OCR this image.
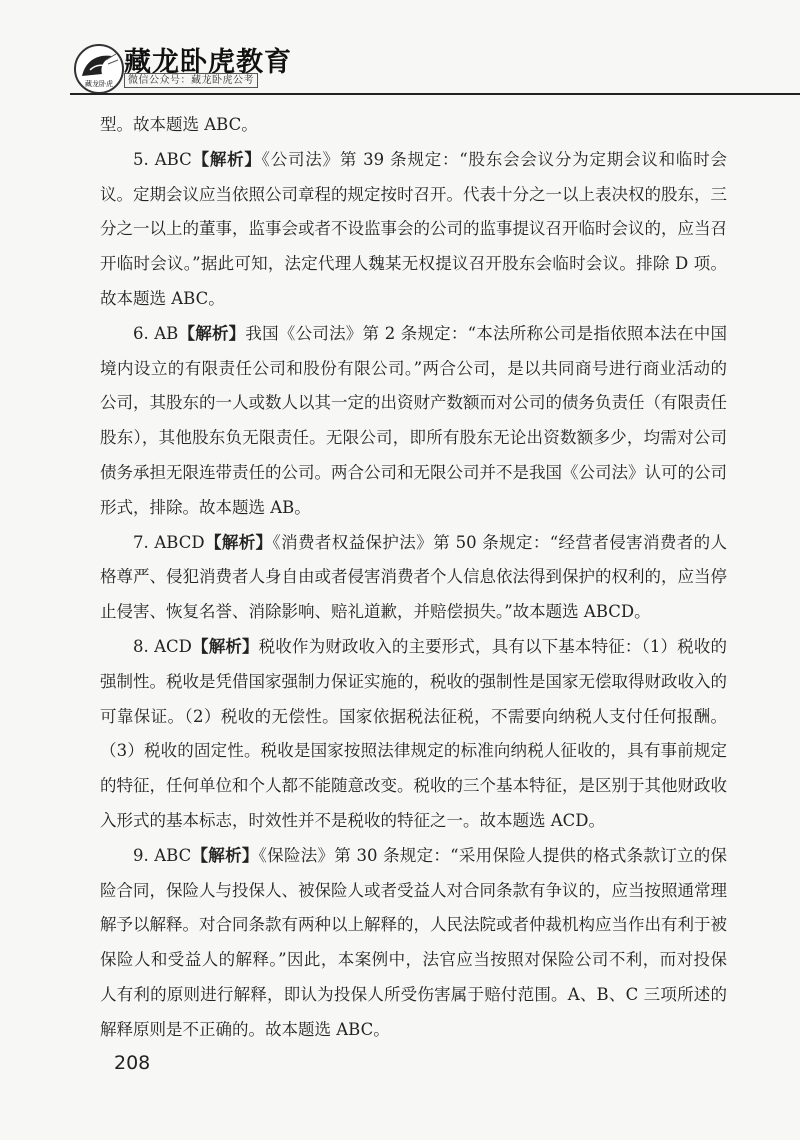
藏龙卧虎
藏龙卧虎教育
微信公众号：藏龙卧虎公考

型。故本题选 ABC。

5. ABC【解析】《公司法》第 39 条规定：“股东会会议分为定期会议和临时会议。定期会议应当依照公司章程的规定按时召开。代表十分之一以上表决权的股东，三分之一以上的董事，监事会或者不设监事会的公司的监事提议召开临时会议的，应当召开临时会议。”据此可知，法定代理人魏某无权提议召开股东会临时会议。排除 D 项。故本题选 ABC。

6. AB【解析】我国《公司法》第 2 条规定：“本法所称公司是指依照本法在中国境内设立的有限责任公司和股份有限公司。”两合公司，是以共同商号进行商业活动的公司，其股东的一人或数人以其一定的出资财产数额而对公司的债务负责任（有限责任股东），其他股东负无限责任。无限公司，即所有股东无论出资数额多少，均需对公司债务承担无限连带责任的公司。两合公司和无限公司并不是我国《公司法》认可的公司形式，排除。故本题选 AB。

7. ABCD【解析】《消费者权益保护法》第 50 条规定：“经营者侵害消费者的人格尊严、侵犯消费者人身自由或者侵害消费者个人信息依法得到保护的权利的，应当停止侵害、恢复名誉、消除影响、赔礼道歉，并赔偿损失。”故本题选 ABCD。

8. ACD【解析】税收作为财政收入的主要形式，具有以下基本特征：（1）税收的强制性。税收是凭借国家强制力保证实施的，税收的强制性是国家无偿取得财政收入的可靠保证。（2）税收的无偿性。国家依据税法征税，不需要向纳税人支付任何报酬。（3）税收的固定性。税收是国家按照法律规定的标准向纳税人征收的，具有事前规定的特征，任何单位和个人都不能随意改变。税收的三个基本特征，是区别于其他财政收入形式的基本标志，时效性并不是税收的特征之一。故本题选 ACD。

9. ABC【解析】《保险法》第 30 条规定：“采用保险人提供的格式条款订立的保险合同，保险人与投保人、被保险人或者受益人对合同条款有争议的，应当按照通常理解予以解释。对合同条款有两种以上解释的，人民法院或者仲裁机构应当作出有利于被保险人和受益人的解释。”因此，本案例中，法官应当按照对保险公司不利，而对投保人有利的原则进行解释，即认为投保人所受伤害属于赔付范围。A、B、C 三项所述的解释原则是不正确的。故本题选 ABC。

208
